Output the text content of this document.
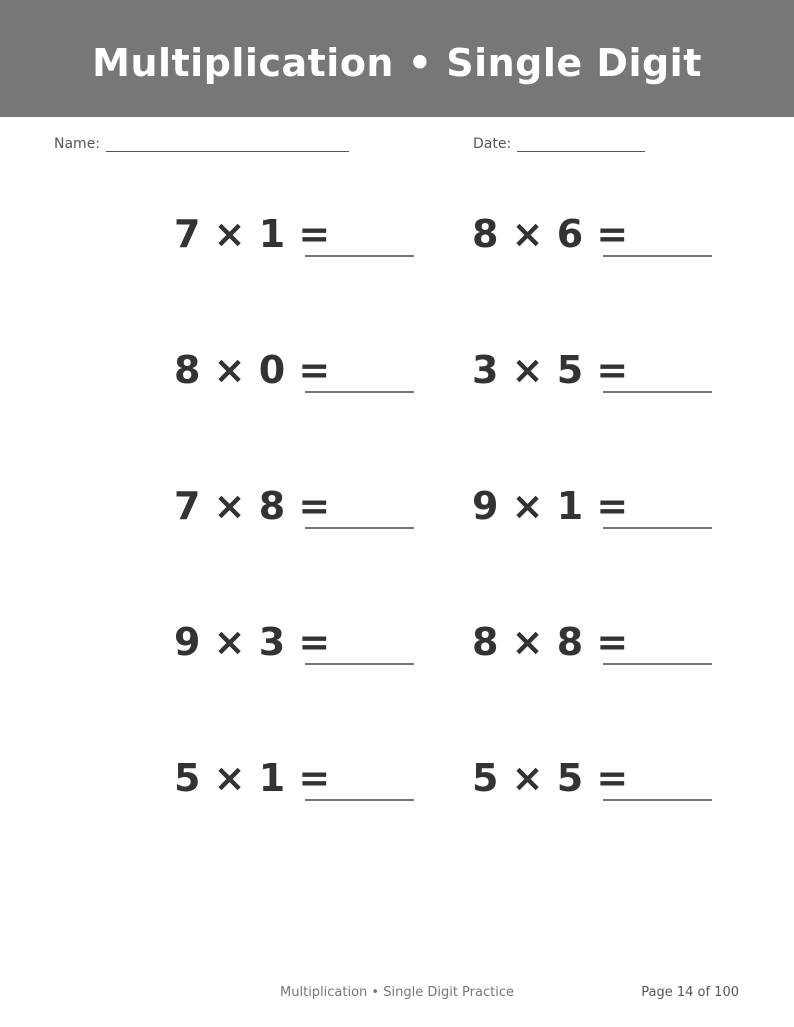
Multiplication • Single Digit
Name:	Date:
7 × 1 =	8 × 6 =
8 × 0 =	3 × 5 =
7 × 8 =	9 × 1 =
9 × 3 =	8 × 8 =
5 × 1 =	5 × 5 =
Multiplication • Single Digit Practice	Page 14 of 100
